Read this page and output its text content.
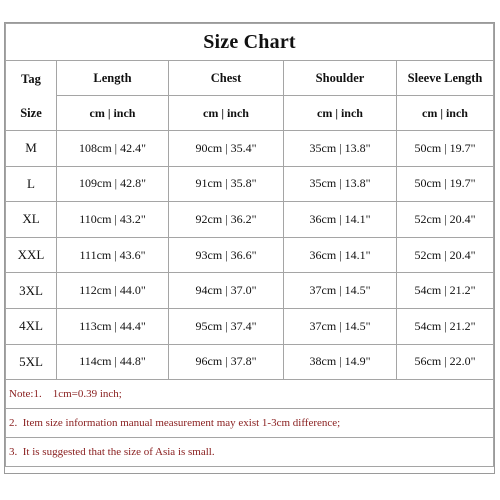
Size Chart				
Tag
Size	Length	Chest	Shoulder	Sleeve Length
	cm | inch	cm | inch	cm | inch	cm | inch
M	108cm | 42.4"	90cm | 35.4"	35cm | 13.8"	50cm | 19.7"
L	109cm | 42.8"	91cm | 35.8"	35cm | 13.8"	50cm | 19.7"
XL	110cm | 43.2"	92cm | 36.2"	36cm | 14.1"	52cm | 20.4"
XXL	111cm | 43.6"	93cm | 36.6"	36cm | 14.1"	52cm | 20.4"
3XL	112cm | 44.0"	94cm | 37.0"	37cm | 14.5"	54cm | 21.2"
4XL	113cm | 44.4"	95cm | 37.4"	37cm | 14.5"	54cm | 21.2"
5XL	114cm | 44.8"	96cm | 37.8"	38cm | 14.9"	56cm | 22.0"
Note:1.    1cm=0.39 inch;				
2.  Item size information manual measurement may exist 1-3cm difference;				
3.  It is suggested that the size of Asia is small.				
